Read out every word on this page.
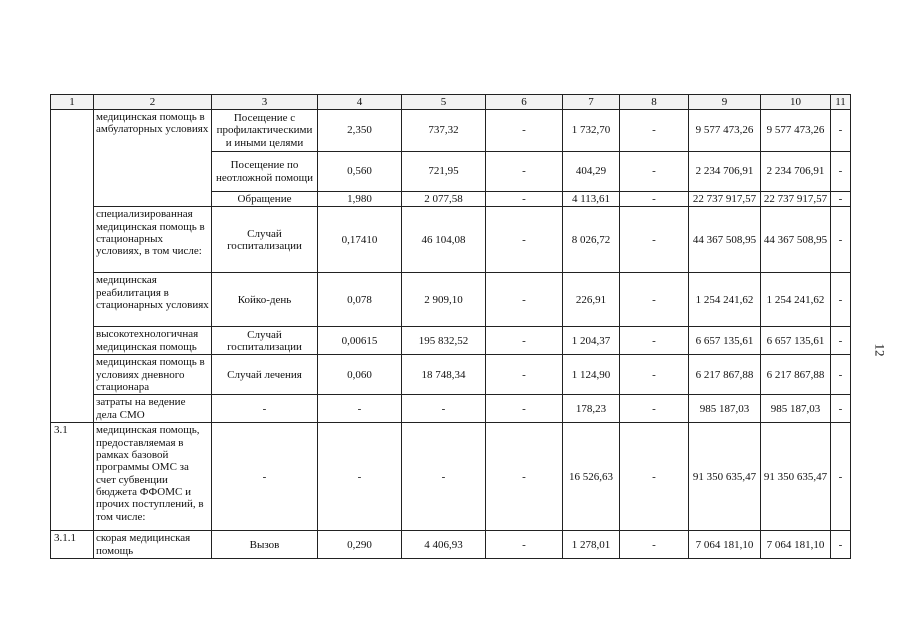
1	2	3	4	5	6	7	8	9	10	11
	медицинская помощь в амбулаторных условиях	Посещение с профилактическими и иными целями	2,350	737,32	-	1 732,70	-	9 577 473,26	9 577 473,26	-
		Посещение по неотложной помощи	0,560	721,95	-	404,29	-	2 234 706,91	2 234 706,91	-
		Обращение	1,980	2 077,58	-	4 113,61	-	22 737 917,57	22 737 917,57	-
	специализированная медицинская помощь в стационарных условиях, в том числе:	Случай госпитализации	0,17410	46 104,08	-	8 026,72	-	44 367 508,95	44 367 508,95	-
	медицинская реабилитация в стационарных условиях	Койко-день	0,078	2 909,10	-	226,91	-	1 254 241,62	1 254 241,62	-
	высокотехнологичная медицинская помощь	Случай госпитализации	0,00615	195 832,52	-	1 204,37	-	6 657 135,61	6 657 135,61	-
	медицинская помощь в условиях дневного стационара	Случай лечения	0,060	18 748,34	-	1 124,90	-	6 217 867,88	6 217 867,88	-
	затраты на ведение дела СМО	-	-	-	-	178,23	-	985 187,03	985 187,03	-
3.1	медицинская помощь, предоставляемая в рамках базовой программы ОМС за счет субвенции бюджета ФФОМС и прочих поступлений, в том числе:	-	-	-	-	16 526,63	-	91 350 635,47	91 350 635,47	-
3.1.1	скорая медицинская помощь	Вызов	0,290	4 406,93	-	1 278,01	-	7 064 181,10	7 064 181,10	-
12
